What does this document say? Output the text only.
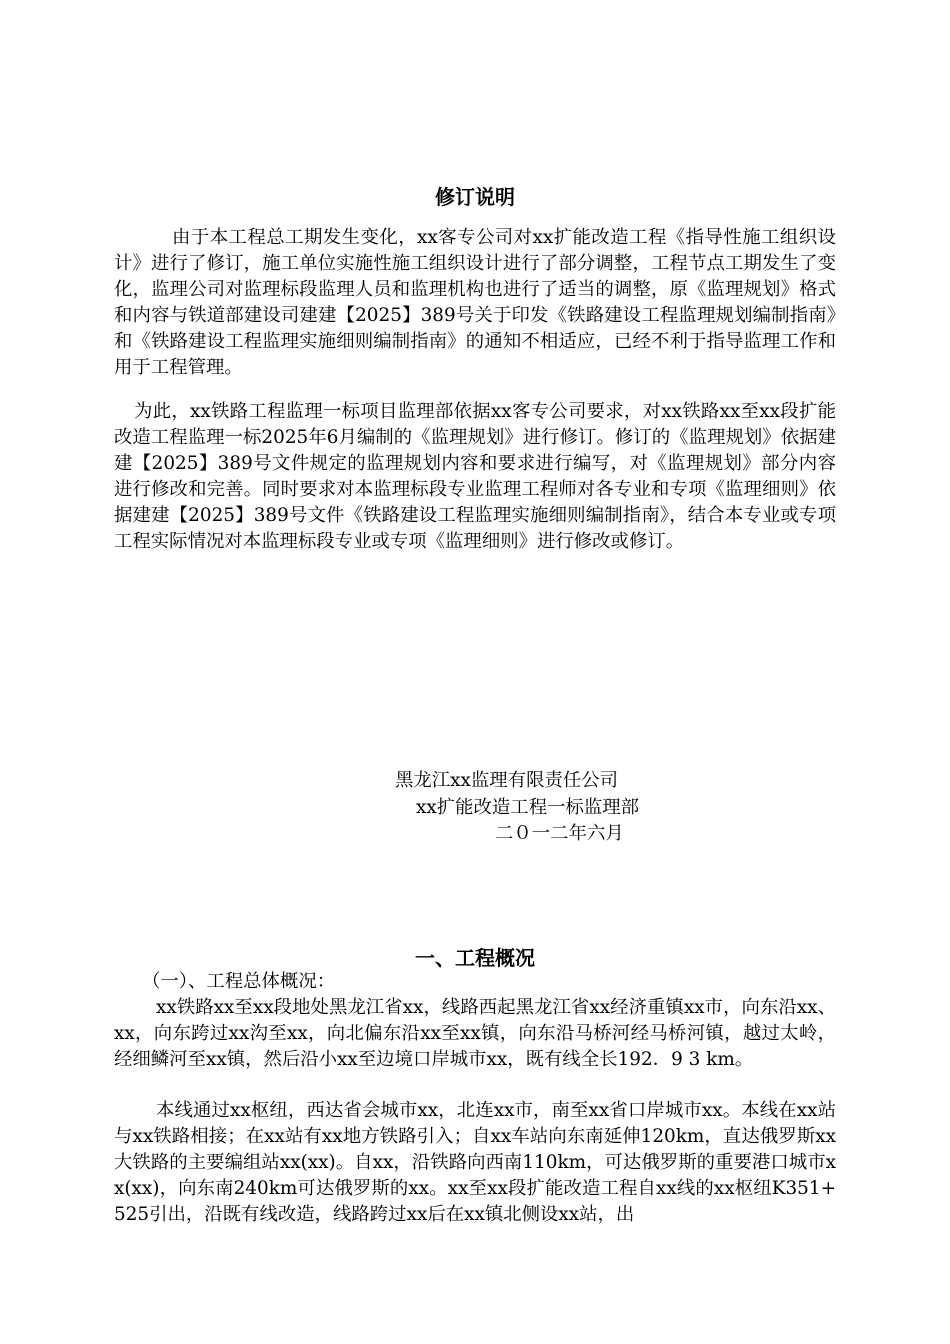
修订说明

由于本工程总工期发生变化，xx客专公司对xx扩能改造工程《指导性施工组织设计》进行了修订，施工单位实施性施工组织设计进行了部分调整，工程节点工期发生了变化，监理公司对监理标段监理人员和监理机构也进行了适当的调整，原《监理规划》格式和内容与铁道部建设司建建【2025】389号关于印发《铁路建设工程监理规划编制指南》和《铁路建设工程监理实施细则编制指南》的通知不相适应，已经不利于指导监理工作和用于工程管理。

为此，xx铁路工程监理一标项目监理部依据xx客专公司要求，对xx铁路xx至xx段扩能改造工程监理一标2025年6月编制的《监理规划》进行修订。修订的《监理规划》依据建建【2025】389号文件规定的监理规划内容和要求进行编写，对《监理规划》部分内容进行修改和完善。同时要求对本监理标段专业监理工程师对各专业和专项《监理细则》依据建建【2025】389号文件《铁路建设工程监理实施细则编制指南》，结合本专业或专项工程实际情况对本监理标段专业或专项《监理细则》进行修改或修订。

黑龙江xx监理有限责任公司

xx扩能改造工程一标监理部

二０一二年六月

一、工程概况

（一）、工程总体概况：

xx铁路xx至xx段地处黑龙江省xx，线路西起黑龙江省xx经济重镇xx市，向东沿xx、xx，向东跨过xx沟至xx，向北偏东沿xx至xx镇，向东沿马桥河经马桥河镇，越过太岭，经细鳞河至xx镇，然后沿小xx至边境口岸城市xx，既有线全长192．9 3 km。

本线通过xx枢纽，西达省会城市xx，北连xx市，南至xx省口岸城市xx。本线在xx站与xx铁路相接；在xx站有xx地方铁路引入；自xx车站向东南延伸120km，直达俄罗斯xx大铁路的主要编组站xx(xx)。自xx，沿铁路向西南110km，可达俄罗斯的重要港口城市xx(xx)，向东南240km可达俄罗斯的xx。xx至xx段扩能改造工程自xx线的xx枢纽K351+525引出，沿既有线改造，线路跨过xx后在xx镇北侧设xx站，出
